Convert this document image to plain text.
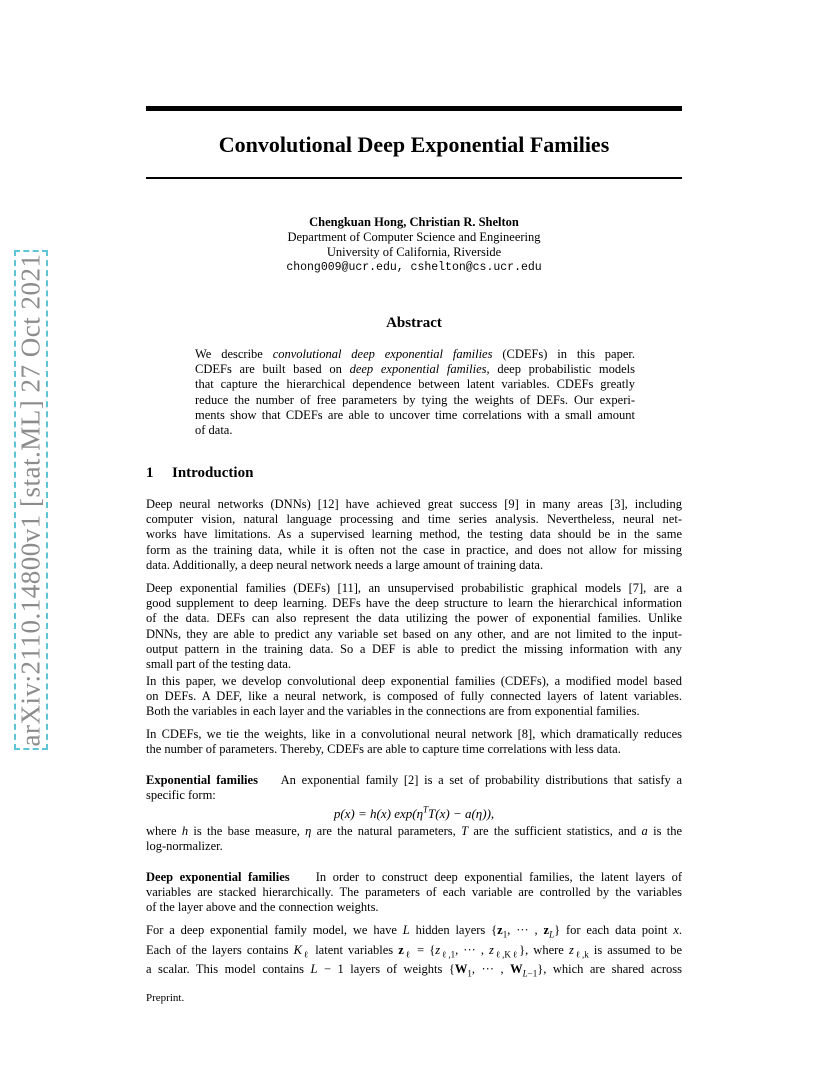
arXiv:2110.14800v1 [stat.ML] 27 Oct 2021
Convolutional Deep Exponential Families
Chengkuan Hong, Christian R. Shelton
Department of Computer Science and Engineering
University of California, Riverside
chong009@ucr.edu, cshelton@cs.ucr.edu
Abstract
We describe convolutional deep exponential families (CDEFs) in this paper.
CDEFs are built based on deep exponential families, deep probabilistic models
that capture the hierarchical dependence between latent variables. CDEFs greatly
reduce the number of free parameters by tying the weights of DEFs. Our experi-
ments show that CDEFs are able to uncover time correlations with a small amount
of data.
1 Introduction
Deep neural networks (DNNs) [12] have achieved great success [9] in many areas [3], including
computer vision, natural language processing and time series analysis. Nevertheless, neural net-
works have limitations. As a supervised learning method, the testing data should be in the same
form as the training data, while it is often not the case in practice, and does not allow for missing
data. Additionally, a deep neural network needs a large amount of training data.
Deep exponential families (DEFs) [11], an unsupervised probabilistic graphical models [7], are a
good supplement to deep learning. DEFs have the deep structure to learn the hierarchical information
of the data. DEFs can also represent the data utilizing the power of exponential families. Unlike
DNNs, they are able to predict any variable set based on any other, and are not limited to the input-
output pattern in the training data. So a DEF is able to predict the missing information with any
small part of the testing data.
In this paper, we develop convolutional deep exponential families (CDEFs), a modified model based
on DEFs. A DEF, like a neural network, is composed of fully connected layers of latent variables.
Both the variables in each layer and the variables in the connections are from exponential families.
In CDEFs, we tie the weights, like in a convolutional neural network [8], which dramatically reduces
the number of parameters. Thereby, CDEFs are able to capture time correlations with less data.
Exponential families    An exponential family [2] is a set of probability distributions that satisfy a
specific form:
p(x) = h(x) $\exp(\eta^TT(x) - a(\eta))$,
where h is the base measure, η are the natural parameters, T are the sufficient statistics, and a is the
log-normalizer.
Deep exponential families    In order to construct deep exponential families, the latent layers of
variables are stacked hierarchically. The parameters of each variable are controlled by the variables
of the layer above and the connection weights.
For a deep exponential family model, we have L hidden layers {$z_1$, ··· , $z_L$} for each data point x.
Each of the layers contains $K_\ell$ latent variables $z_\ell = \{z_{\ell,1}$, ··· , $z_{\ell,K\ell}$}, where $z_{\ell,k}$ is assumed to be
a scalar. This model contains L − 1 layers of weights {$W_1$, ··· , $W_{L-1}$}, which are shared across
Preprint.
